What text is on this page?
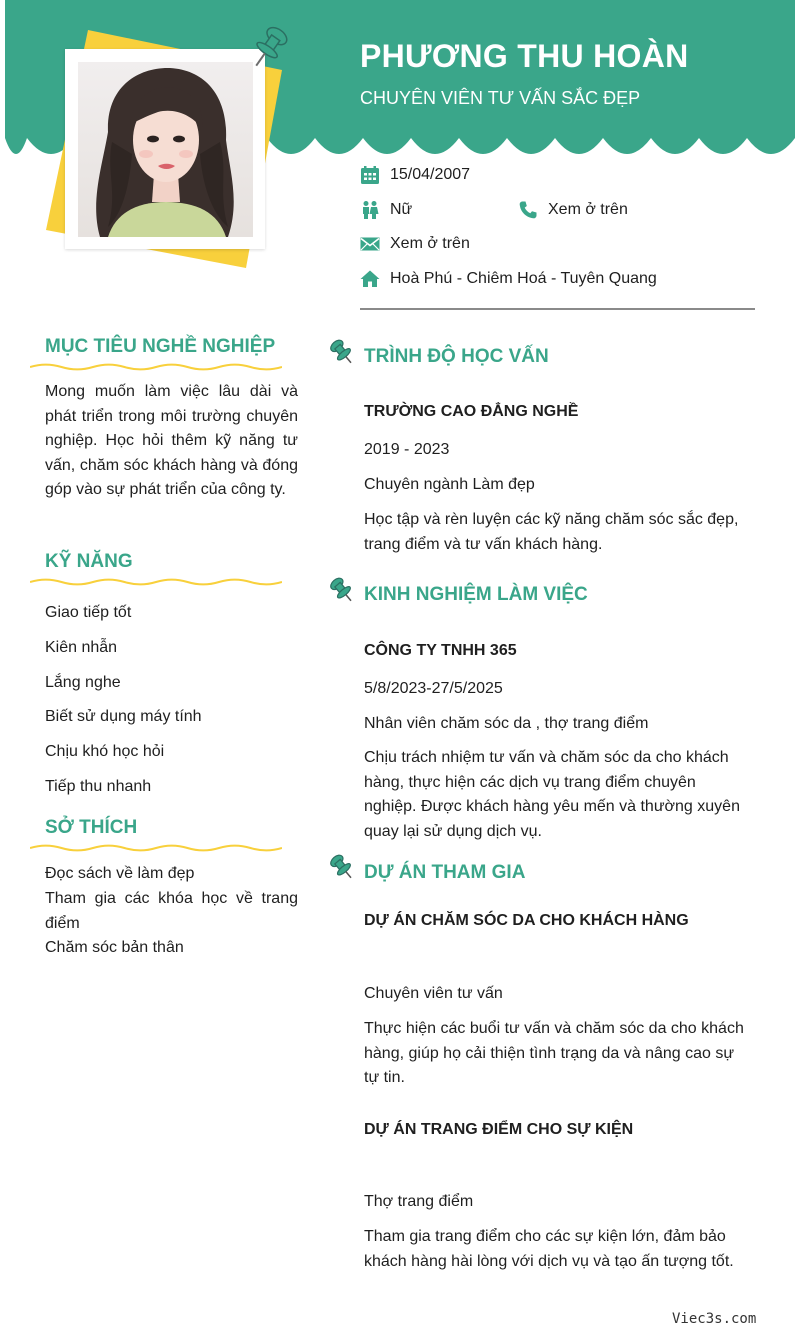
PHƯƠNG THU HOÀN
CHUYÊN VIÊN TƯ VẤN SẮC ĐẸP
15/04/2007
Nữ	Xem ở trên
Xem ở trên
Hoà Phú - Chiêm Hoá - Tuyên Quang
MỤC TIÊU NGHỀ NGHIỆP
Mong muốn làm việc lâu dài và phát triển trong môi trường chuyên nghiệp. Học hỏi thêm kỹ năng tư vấn, chăm sóc khách hàng và đóng góp vào sự phát triển của công ty.
KỸ NĂNG
Giao tiếp tốt
Kiên nhẫn
Lắng nghe
Biết sử dụng máy tính
Chịu khó học hỏi
Tiếp thu nhanh
SỞ THÍCH
Đọc sách về làm đẹp
Tham gia các khóa học về trang điểm
Chăm sóc bản thân
TRÌNH ĐỘ HỌC VẤN
TRƯỜNG CAO ĐẲNG NGHỀ
2019 - 2023
Chuyên ngành Làm đẹp
Học tập và rèn luyện các kỹ năng chăm sóc sắc đẹp, trang điểm và tư vấn khách hàng.
KINH NGHIỆM LÀM VIỆC
CÔNG TY TNHH 365
5/8/2023-27/5/2025
Nhân viên chăm sóc da , thợ trang điểm
Chịu trách nhiệm tư vấn và chăm sóc da cho khách hàng, thực hiện các dịch vụ trang điểm chuyên nghiệp. Được khách hàng yêu mến và thường xuyên quay lại sử dụng dịch vụ.
DỰ ÁN THAM GIA
DỰ ÁN CHĂM SÓC DA CHO KHÁCH HÀNG
Chuyên viên tư vấn
Thực hiện các buổi tư vấn và chăm sóc da cho khách hàng, giúp họ cải thiện tình trạng da và nâng cao sự tự tin.
DỰ ÁN TRANG ĐIỂM CHO SỰ KIỆN
Thợ trang điểm
Tham gia trang điểm cho các sự kiện lớn, đảm bảo khách hàng hài lòng với dịch vụ và tạo ấn tượng tốt.
Viec3s.com
